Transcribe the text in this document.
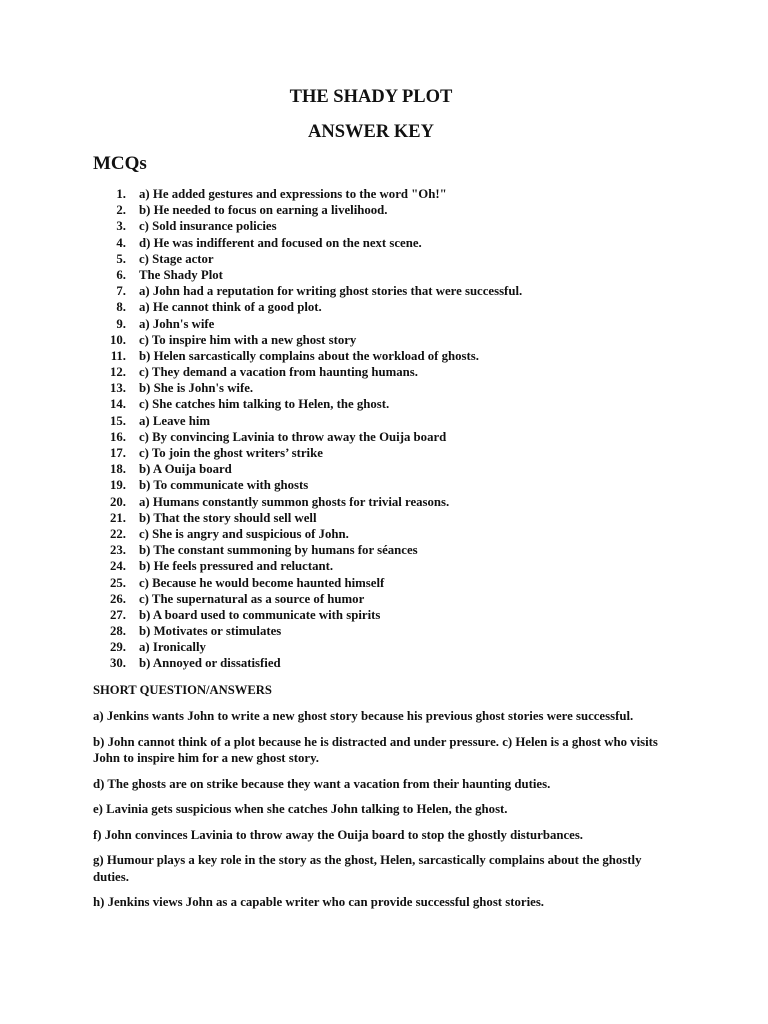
THE SHADY PLOT
ANSWER KEY
MCQs
1. a) He added gestures and expressions to the word "Oh!"
2. b) He needed to focus on earning a livelihood.
3. c) Sold insurance policies
4. d) He was indifferent and focused on the next scene.
5. c) Stage actor
6. The Shady Plot
7. a) John had a reputation for writing ghost stories that were successful.
8. a) He cannot think of a good plot.
9. a) John's wife
10. c) To inspire him with a new ghost story
11. b) Helen sarcastically complains about the workload of ghosts.
12. c) They demand a vacation from haunting humans.
13. b) She is John's wife.
14. c) She catches him talking to Helen, the ghost.
15. a) Leave him
16. c) By convincing Lavinia to throw away the Ouija board
17. c) To join the ghost writers’ strike
18. b) A Ouija board
19. b) To communicate with ghosts
20. a) Humans constantly summon ghosts for trivial reasons.
21. b) That the story should sell well
22. c) She is angry and suspicious of John.
23. b) The constant summoning by humans for séances
24. b) He feels pressured and reluctant.
25. c) Because he would become haunted himself
26. c) The supernatural as a source of humor
27. b) A board used to communicate with spirits
28. b) Motivates or stimulates
29. a) Ironically
30. b) Annoyed or dissatisfied
SHORT QUESTION/ANSWERS

a) Jenkins wants John to write a new ghost story because his previous ghost stories were successful.

b) John cannot think of a plot because he is distracted and under pressure. c) Helen is a ghost who visits John to inspire him for a new ghost story.

d) The ghosts are on strike because they want a vacation from their haunting duties.

e) Lavinia gets suspicious when she catches John talking to Helen, the ghost.

f) John convinces Lavinia to throw away the Ouija board to stop the ghostly disturbances.

g) Humour plays a key role in the story as the ghost, Helen, sarcastically complains about the ghostly duties.

h) Jenkins views John as a capable writer who can provide successful ghost stories.
